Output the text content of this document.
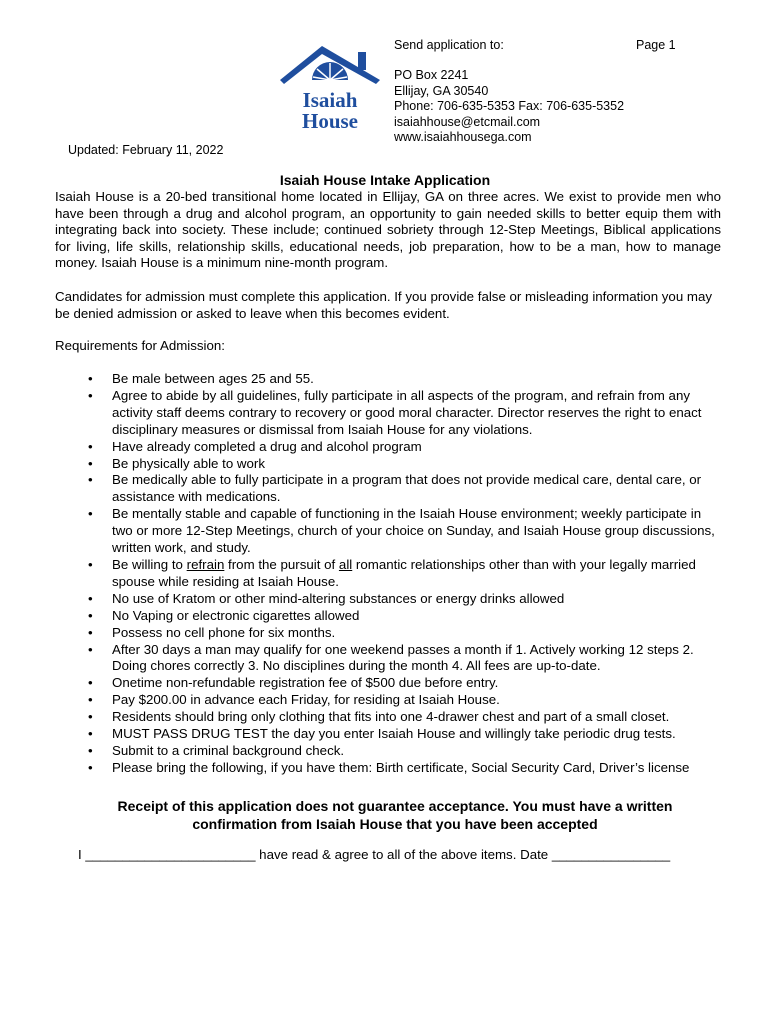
Isaiah
House
Send application to:	Page 1
PO Box 2241
Ellijay, GA 30540
Phone: 706-635-5353 Fax: 706-635-5352
isaiahhouse@etcmail.com
www.isaiahhousega.com
Updated: February 11, 2022
Isaiah House Intake Application
Isaiah House is a 20-bed transitional home located in Ellijay, GA on three acres. We exist to provide men who have been through a drug and alcohol program, an opportunity to gain needed skills to better equip them with integrating back into society. These include; continued sobriety through 12-Step Meetings, Biblical applications for living, life skills, relationship skills, educational needs, job preparation, how to be a man, how to manage money. Isaiah House is a minimum nine-month program.
Candidates for admission must complete this application. If you provide false or misleading information you may be denied admission or asked to leave when this becomes evident.
Requirements for Admission:
• Be male between ages 25 and 55.
• Agree to abide by all guidelines, fully participate in all aspects of the program, and refrain from any activity staff deems contrary to recovery or good moral character. Director reserves the right to enact disciplinary measures or dismissal from Isaiah House for any violations.
• Have already completed a drug and alcohol program
• Be physically able to work
• Be medically able to fully participate in a program that does not provide medical care, dental care, or assistance with medications.
• Be mentally stable and capable of functioning in the Isaiah House environment; weekly participate in two or more 12-Step Meetings, church of your choice on Sunday, and Isaiah House group discussions, written work, and study.
• Be willing to refrain from the pursuit of all romantic relationships other than with your legally married spouse while residing at Isaiah House.
• No use of Kratom or other mind-altering substances or energy drinks allowed
• No Vaping or electronic cigarettes allowed
• Possess no cell phone for six months.
• After 30 days a man may qualify for one weekend passes a month if 1. Actively working 12 steps 2. Doing chores correctly 3. No disciplines during the month 4. All fees are up-to-date.
• Onetime non-refundable registration fee of $500 due before entry.
• Pay $200.00 in advance each Friday, for residing at Isaiah House.
• Residents should bring only clothing that fits into one 4-drawer chest and part of a small closet.
• MUST PASS DRUG TEST the day you enter Isaiah House and willingly take periodic drug tests.
• Submit to a criminal background check.
• Please bring the following, if you have them: Birth certificate, Social Security Card, Driver’s license
Receipt of this application does not guarantee acceptance. You must have a written
confirmation from Isaiah House that you have been accepted
I _______________________ have read & agree to all of the above items. Date ________________
